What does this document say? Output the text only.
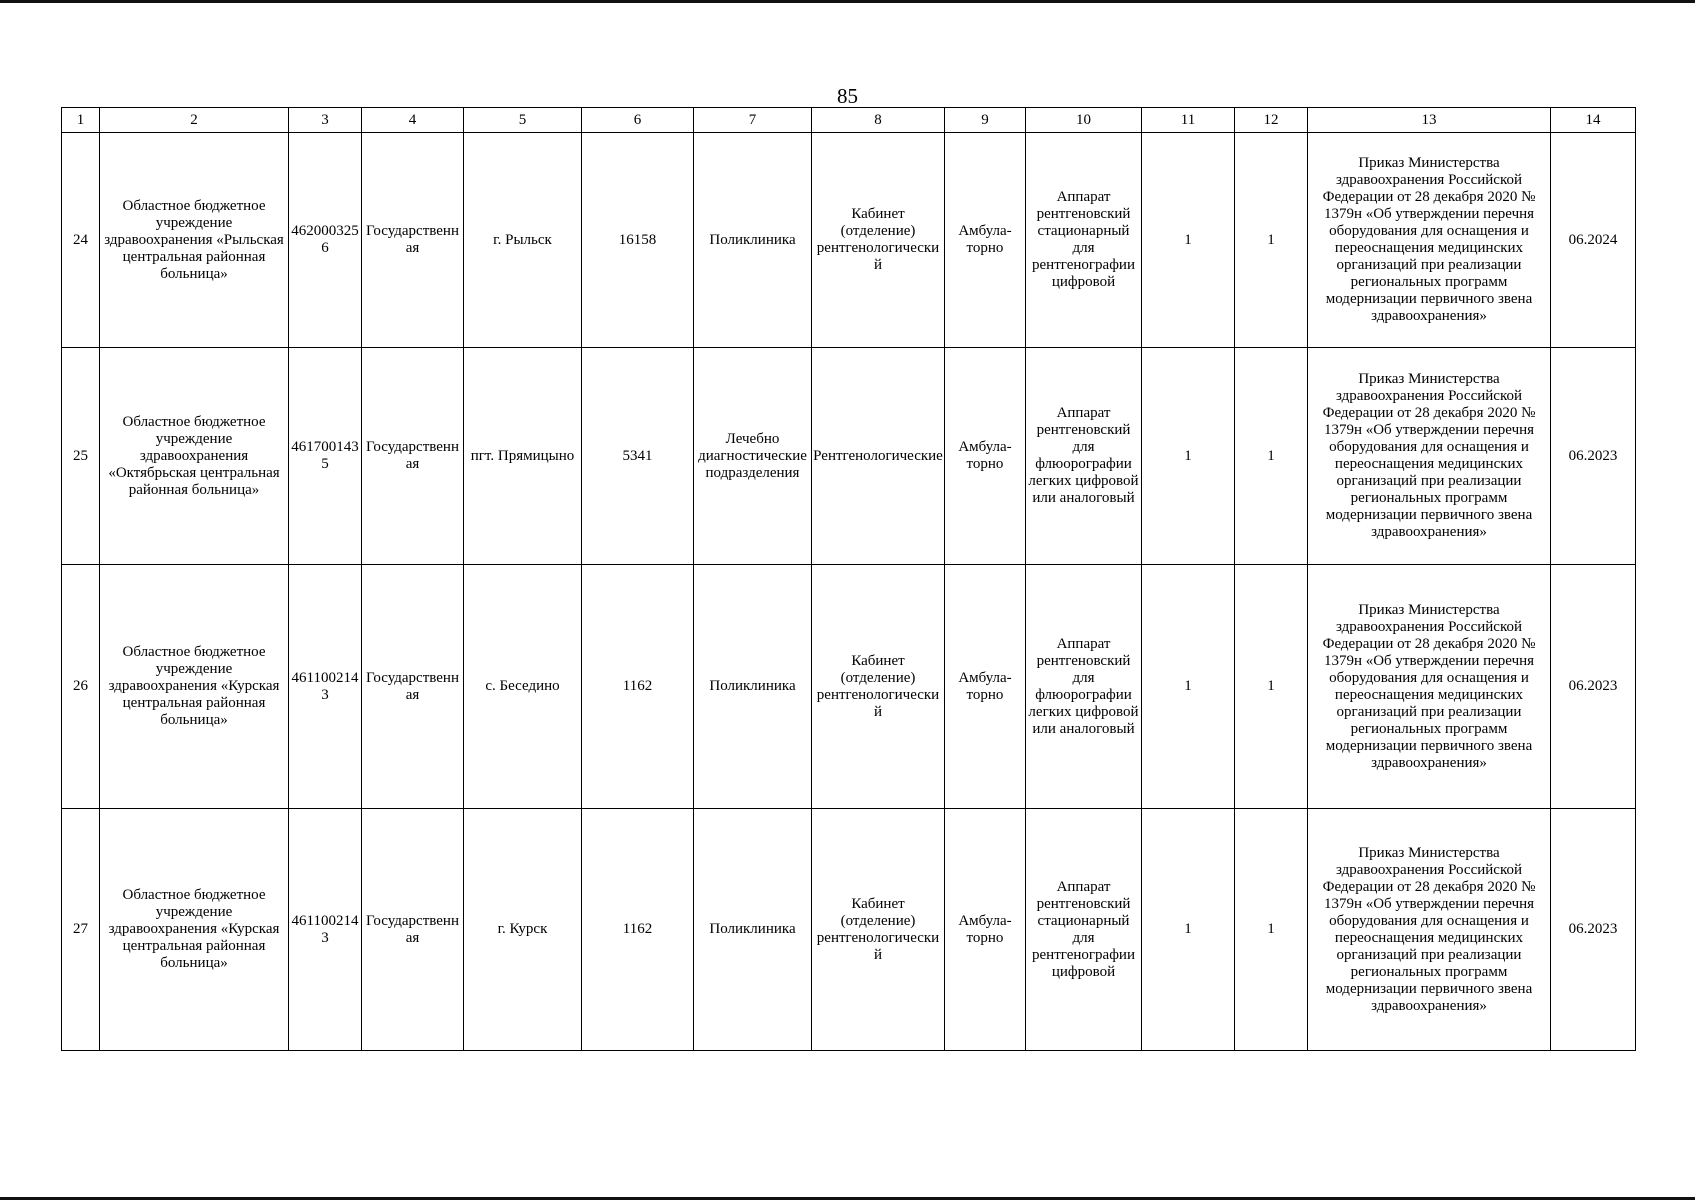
85
1	2	3	4	5	6	7	8	9	10	11	12	13	14
24	Областное бюджетное учреждение здравоохранения «Рыльская центральная районная больница»	4620003256	Государственная	г. Рыльск	16158	Поликлиника	Кабинет (отделение) рентгенологический	Амбула-торно	Аппарат рентгеновский стационарный для рентгенографии цифровой	1	1	Приказ Министерства здравоохранения Российской Федерации от 28 декабря 2020 № 1379н «Об утверждении перечня оборудования для оснащения и переоснащения медицинских организаций при реализации региональных программ модернизации первичного звена здравоохранения»	06.2024
25	Областное бюджетное учреждение здравоохранения «Октябрьская центральная районная больница»	4617001435	Государственная	пгт. Прямицыно	5341	Лечебно диагностические подразделения	Рентгенологические	Амбула-торно	Аппарат рентгеновский для флюорографии легких цифровой или аналоговый	1	1	Приказ Министерства здравоохранения Российской Федерации от 28 декабря 2020 № 1379н «Об утверждении перечня оборудования для оснащения и переоснащения медицинских организаций при реализации региональных программ модернизации первичного звена здравоохранения»	06.2023
26	Областное бюджетное учреждение здравоохранения «Курская центральная районная больница»	4611002143	Государственная	с. Беседино	1162	Поликлиника	Кабинет (отделение) рентгенологический	Амбула-торно	Аппарат рентгеновский для флюорографии легких цифровой или аналоговый	1	1	Приказ Министерства здравоохранения Российской Федерации от 28 декабря 2020 № 1379н «Об утверждении перечня оборудования для оснащения и переоснащения медицинских организаций при реализации региональных программ модернизации первичного звена здравоохранения»	06.2023
27	Областное бюджетное учреждение здравоохранения «Курская центральная районная больница»	4611002143	Государственная	г. Курск	1162	Поликлиника	Кабинет (отделение) рентгенологический	Амбула-торно	Аппарат рентгеновский стационарный для рентгенографии цифровой	1	1	Приказ Министерства здравоохранения Российской Федерации от 28 декабря 2020 № 1379н «Об утверждении перечня оборудования для оснащения и переоснащения медицинских организаций при реализации региональных программ модернизации первичного звена здравоохранения»	06.2023
